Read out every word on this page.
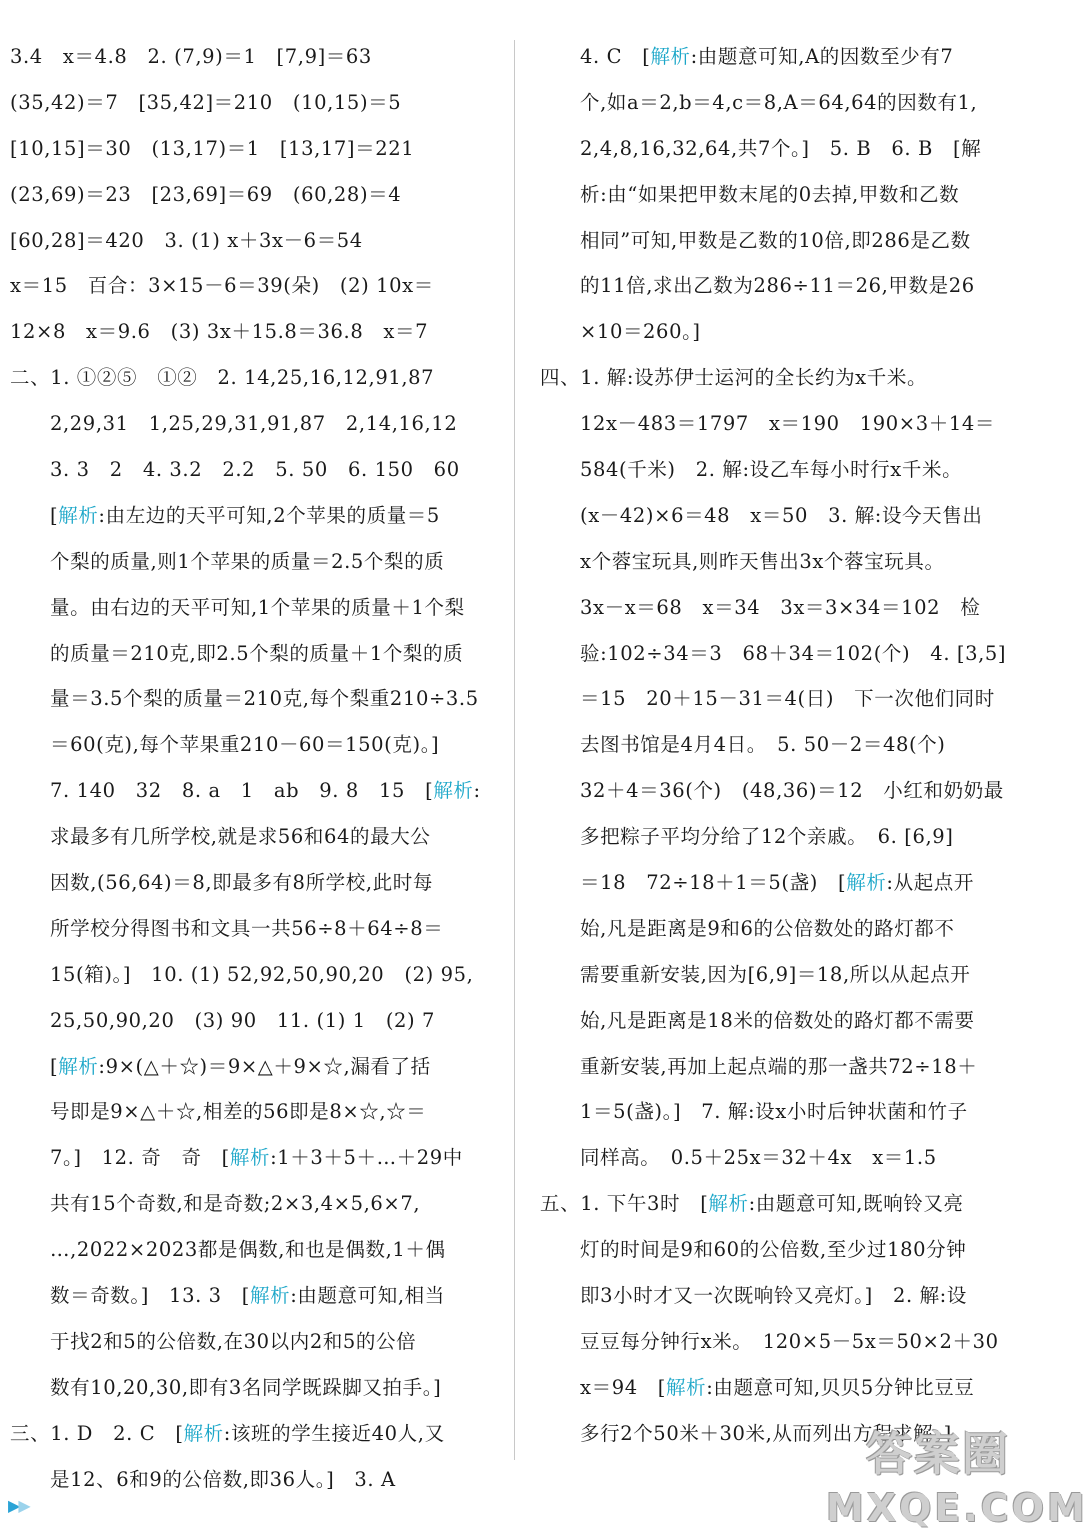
3.4　x＝4.8　2. (7,9)＝1　[7,9]＝63
(35,42)＝7　[35,42]＝210　(10,15)＝5
[10,15]＝30　(13,17)＝1　[13,17]＝221
(23,69)＝23　[23,69]＝69　(60,28)＝4
[60,28]＝420　3. (1) x＋3x－6＝54
x＝15　百合：3×15－6＝39(朵)　(2) 10x＝
12×8　x＝9.6　(3) 3x＋15.8＝36.8　x＝7
二、1. ①②⑤　①②　2. 14,25,16,12,91,87
2,29,31　1,25,29,31,91,87　2,14,16,12
3. 3　2　4. 3.2　2.2　5. 50　6. 150　60
[解析:由左边的天平可知,2个苹果的质量＝5
个梨的质量,则1个苹果的质量＝2.5个梨的质
量。由右边的天平可知,1个苹果的质量＋1个梨
的质量＝210克,即2.5个梨的质量＋1个梨的质
量＝3.5个梨的质量＝210克,每个梨重210÷3.5
＝60(克),每个苹果重210－60＝150(克)。]
7. 140　32　8. a　1　ab　9. 8　15　[解析:
求最多有几所学校,就是求56和64的最大公
因数,(56,64)＝8,即最多有8所学校,此时每
所学校分得图书和文具一共56÷8＋64÷8＝
15(箱)。]　10. (1) 52,92,50,90,20　(2) 95,
25,50,90,20　(3) 90　11. (1) 1　(2) 7
[解析:9×(△＋☆)＝9×△＋9×☆,漏看了括
号即是9×△＋☆,相差的56即是8×☆,☆＝
7。]　12. 奇　奇　[解析:1＋3＋5＋…＋29中
共有15个奇数,和是奇数;2×3,4×5,6×7,
…,2022×2023都是偶数,和也是偶数,1＋偶
数＝奇数。]　13. 3　[解析:由题意可知,相当
于找2和5的公倍数,在30以内2和5的公倍
数有10,20,30,即有3名同学既跺脚又拍手。]
三、1. D　2. C　[解析:该班的学生接近40人,又
是12、6和9的公倍数,即36人。]　3. A
4. C　[解析:由题意可知,A的因数至少有7
个,如a＝2,b＝4,c＝8,A＝64,64的因数有1,
2,4,8,16,32,64,共7个。]　5. B　6. B　[解
析:由“如果把甲数末尾的0去掉,甲数和乙数
相同”可知,甲数是乙数的10倍,即286是乙数
的11倍,求出乙数为286÷11＝26,甲数是26
×10＝260。]
四、1. 解:设苏伊士运河的全长约为x千米。
12x－483＝1797　x＝190　190×3＋14＝
584(千米)　2. 解:设乙车每小时行x千米。
(x－42)×6＝48　x＝50　3. 解:设今天售出
x个蓉宝玩具,则昨天售出3x个蓉宝玩具。
3x－x＝68　x＝34　3x＝3×34＝102　检
验:102÷34＝3　68＋34＝102(个)　4. [3,5]
＝15　20＋15－31＝4(日)　下一次他们同时
去图书馆是4月4日。　5. 50－2＝48(个)
32＋4＝36(个)　(48,36)＝12　小红和奶奶最
多把粽子平均分给了12个亲戚。　6. [6,9]
＝18　72÷18＋1＝5(盏)　[解析:从起点开
始,凡是距离是9和6的公倍数处的路灯都不
需要重新安装,因为[6,9]＝18,所以从起点开
始,凡是距离是18米的倍数处的路灯都不需要
重新安装,再加上起点端的那一盏共72÷18＋
1＝5(盏)。]　7. 解:设x小时后钟状菌和竹子
同样高。　0.5＋25x＝32＋4x　x＝1.5
五、1. 下午3时　[解析:由题意可知,既响铃又亮
灯的时间是9和60的公倍数,至少过180分钟
即3小时才又一次既响铃又亮灯。]　2. 解:设
豆豆每分钟行x米。　120×5－5x＝50×2＋30
x＝94　[解析:由题意可知,贝贝5分钟比豆豆
多行2个50米＋30米,从而列出方程求解。]
▶▶
答案圈
MXQE.COM
